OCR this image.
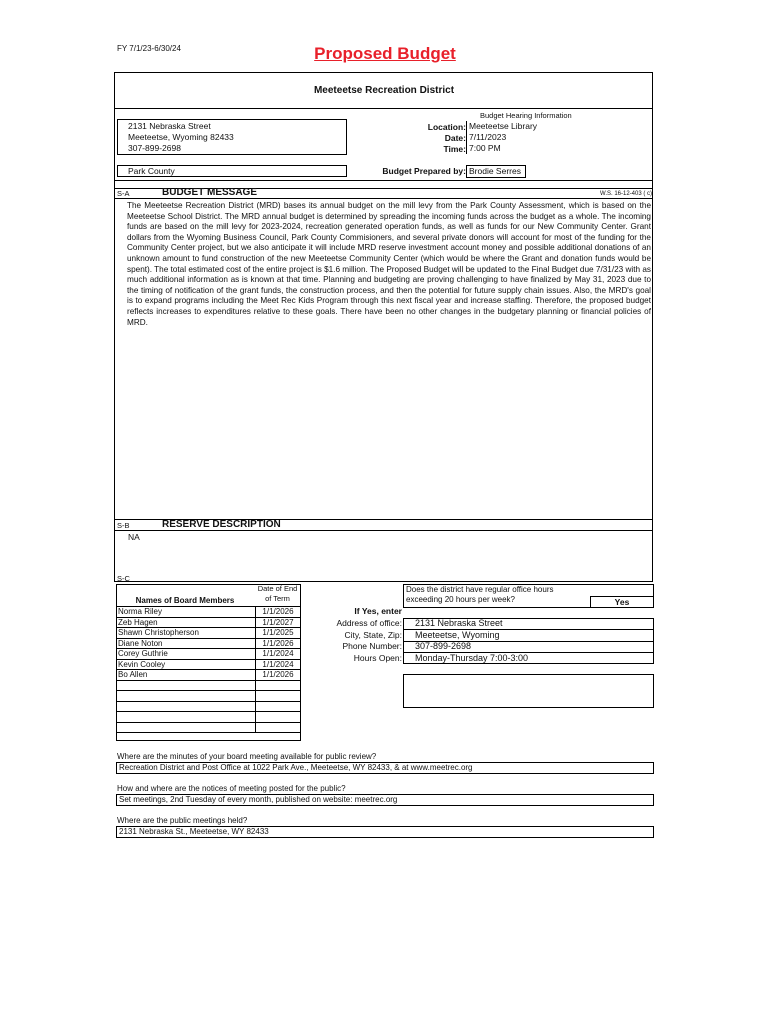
FY 7/1/23-6/30/24	Proposed Budget
Meeteetse Recreation District
2131 Nebraska Street
Meeteetse, Wyoming 82433
307-899-2698
Park County
Budget Hearing Information
Location: Meeteetse Library
Date: 7/11/2023
Time: 7:00 PM
Budget Prepared by: Brodie Serres
S-A	BUDGET MESSAGE	W.S. 16-12-403 ( c)
The Meeteetse Recreation District (MRD) bases its annual budget on the mill levy from the Park County Assessment, which is based on the Meeteetse School District. The MRD annual budget is determined by spreading the incoming funds across the budget as a whole. The incoming funds are based on the mill levy for 2023-2024, recreation generated operation funds, as well as funds for our New Community Center. Grant dollars from the Wyoming Business Council, Park County Commisioners, and several private donors will account for most of the funding for the Community Center project, but we also anticipate it will include MRD reserve investment account money and possible additional donations of an unknown amount to fund construction of the new Meeteetse Community Center (which would be where the Grant and donation funds would be spent). The total estimated cost of the entire project is $1.6 million. The Proposed Budget will be updated to the Final Budget due 7/31/23 with as much additional information as is known at that time. Planning and budgeting are proving challenging to have finalized by May 31, 2023 due to the timing of notification of the grant funds, the construction process, and then the potential for future supply chain issues. Also, the MRD's goal is to expand programs including the Meet Rec Kids Program through this next fiscal year and increase staffing. Therefore, the proposed budget reflects increases to expenditures relative to these goals. There have been no other changes in the budgetary planning or financial policies of MRD.
S-B	RESERVE DESCRIPTION
NA
S-C
Date of End
of Term
Names of Board Members
Norma Riley	1/1/2026
Zeb Hagen	1/1/2027
Shawn Christopherson	1/1/2025
Diane Noton	1/1/2026
Corey Guthrie	1/1/2024
Kevin Cooley	1/1/2024
Bo Allen	1/1/2026

Does the district have regular office hours
exceeding 20 hours per week?	Yes
If Yes, enter
Address of office:	2131 Nebraska Street
City, State, Zip:	Meeteetse, Wyoming
Phone Number:	307-899-2698
Hours Open:	Monday-Thursday 7:00-3:00
Where are the minutes of your board meeting available for public review?
Recreation District and Post Office at 1022 Park Ave., Meeteetse, WY 82433, & at www.meetrec.org
How and where are the notices of meeting posted for the public?
Set meetings, 2nd Tuesday of every month, published on website: meetrec.org
Where are the public meetings held?
2131 Nebraska St., Meeteetse, WY 82433
